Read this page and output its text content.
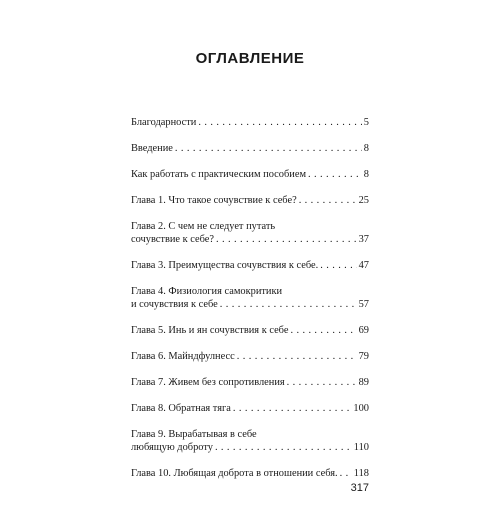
ОГЛАВЛЕНИЕ
Благодарности . . .	5
Введение . . .	8
Как работать с практическим пособием . . .	8
Глава 1. Что такое сочувствие к себе? . . .	25
Глава 2. С чем не следует путать
сочувствие к себе? . . .	37
Глава 3. Преимущества сочувствия к себе. . . .	47
Глава 4. Физиология самокритики
и сочувствия к себе . . .	57
Глава 5. Инь и ян сочувствия к себе . . .	69
Глава 6. Майндфулнесс . . .	79
Глава 7. Живем без сопротивления . . .	89
Глава 8. Обратная тяга . . .	100
Глава 9. Вырабатывая в себе
любящую доброту . . .	110
Глава 10. Любящая доброта в отношении себя. . . . 118
317
